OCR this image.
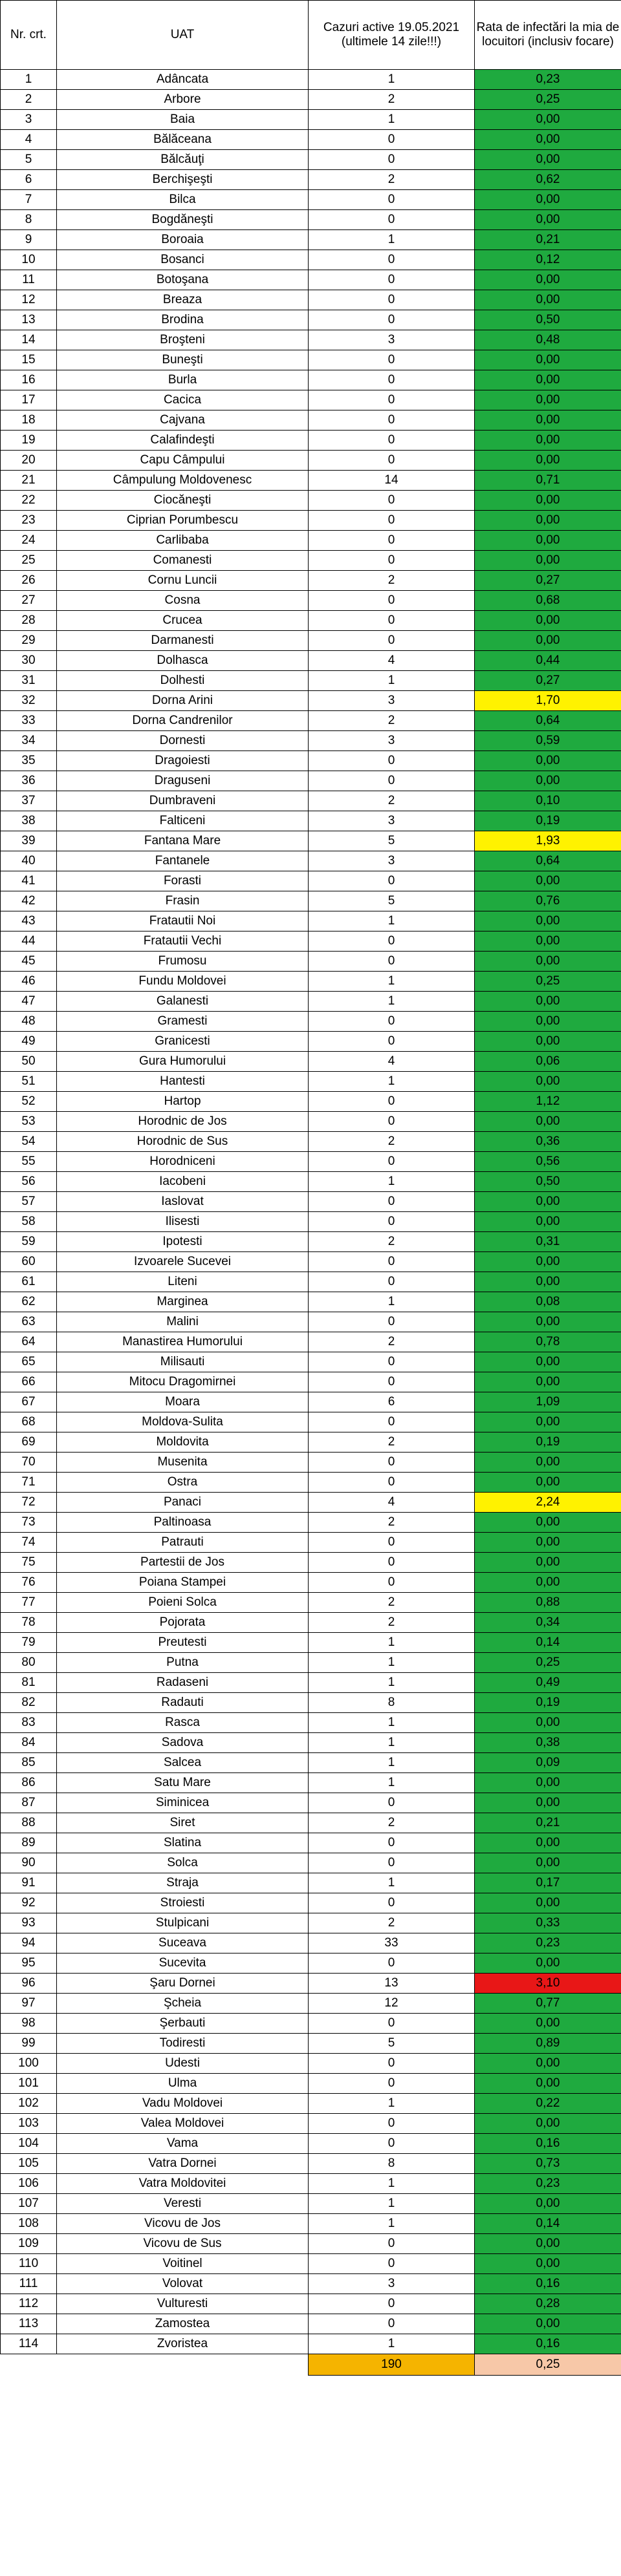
Nr. crt.	UAT	Cazuri active 19.05.2021 (ultimele 14 zile!!!)	Rata de infectări la mia de locuitori (inclusiv focare)
1	Adâncata	1	0,23
2	Arbore	2	0,25
3	Baia	1	0,00
4	Bălăceana	0	0,00
5	Bălcăuţi	0	0,00
6	Berchişeşti	2	0,62
7	Bilca	0	0,00
8	Bogdăneşti	0	0,00
9	Boroaia	1	0,21
10	Bosanci	0	0,12
11	Botoşana	0	0,00
12	Breaza	0	0,00
13	Brodina	0	0,50
14	Broşteni	3	0,48
15	Buneşti	0	0,00
16	Burla	0	0,00
17	Cacica	0	0,00
18	Cajvana	0	0,00
19	Calafindeşti	0	0,00
20	Capu Câmpului	0	0,00
21	Câmpulung Moldovenesc	14	0,71
22	Ciocăneşti	0	0,00
23	Ciprian Porumbescu	0	0,00
24	Carlibaba	0	0,00
25	Comanesti	0	0,00
26	Cornu Luncii	2	0,27
27	Cosna	0	0,68
28	Crucea	0	0,00
29	Darmanesti	0	0,00
30	Dolhasca	4	0,44
31	Dolhesti	1	0,27
32	Dorna Arini	3	1,70
33	Dorna Candrenilor	2	0,64
34	Dornesti	3	0,59
35	Dragoiesti	0	0,00
36	Draguseni	0	0,00
37	Dumbraveni	2	0,10
38	Falticeni	3	0,19
39	Fantana Mare	5	1,93
40	Fantanele	3	0,64
41	Forasti	0	0,00
42	Frasin	5	0,76
43	Fratautii Noi	1	0,00
44	Fratautii Vechi	0	0,00
45	Frumosu	0	0,00
46	Fundu Moldovei	1	0,25
47	Galanesti	1	0,00
48	Gramesti	0	0,00
49	Granicesti	0	0,00
50	Gura Humorului	4	0,06
51	Hantesti	1	0,00
52	Hartop	0	1,12
53	Horodnic de Jos	0	0,00
54	Horodnic de Sus	2	0,36
55	Horodniceni	0	0,56
56	Iacobeni	1	0,50
57	Iaslovat	0	0,00
58	Ilisesti	0	0,00
59	Ipotesti	2	0,31
60	Izvoarele Sucevei	0	0,00
61	Liteni	0	0,00
62	Marginea	1	0,08
63	Malini	0	0,00
64	Manastirea Humorului	2	0,78
65	Milisauti	0	0,00
66	Mitocu Dragomirnei	0	0,00
67	Moara	6	1,09
68	Moldova-Sulita	0	0,00
69	Moldovita	2	0,19
70	Musenita	0	0,00
71	Ostra	0	0,00
72	Panaci	4	2,24
73	Paltinoasa	2	0,00
74	Patrauti	0	0,00
75	Partestii de Jos	0	0,00
76	Poiana Stampei	0	0,00
77	Poieni Solca	2	0,88
78	Pojorata	2	0,34
79	Preutesti	1	0,14
80	Putna	1	0,25
81	Radaseni	1	0,49
82	Radauti	8	0,19
83	Rasca	1	0,00
84	Sadova	1	0,38
85	Salcea	1	0,09
86	Satu Mare	1	0,00
87	Siminicea	0	0,00
88	Siret	2	0,21
89	Slatina	0	0,00
90	Solca	0	0,00
91	Straja	1	0,17
92	Stroiesti	0	0,00
93	Stulpicani	2	0,33
94	Suceava	33	0,23
95	Sucevita	0	0,00
96	Şaru Dornei	13	3,10
97	Şcheia	12	0,77
98	Şerbauti	0	0,00
99	Todiresti	5	0,89
100	Udesti	0	0,00
101	Ulma	0	0,00
102	Vadu Moldovei	1	0,22
103	Valea Moldovei	0	0,00
104	Vama	0	0,16
105	Vatra Dornei	8	0,73
106	Vatra Moldovitei	1	0,23
107	Veresti	1	0,00
108	Vicovu de Jos	1	0,14
109	Vicovu de Sus	0	0,00
110	Voitinel	0	0,00
111	Volovat	3	0,16
112	Vulturesti	0	0,28
113	Zamostea	0	0,00
114	Zvoristea	1	0,16
		190	0,25
